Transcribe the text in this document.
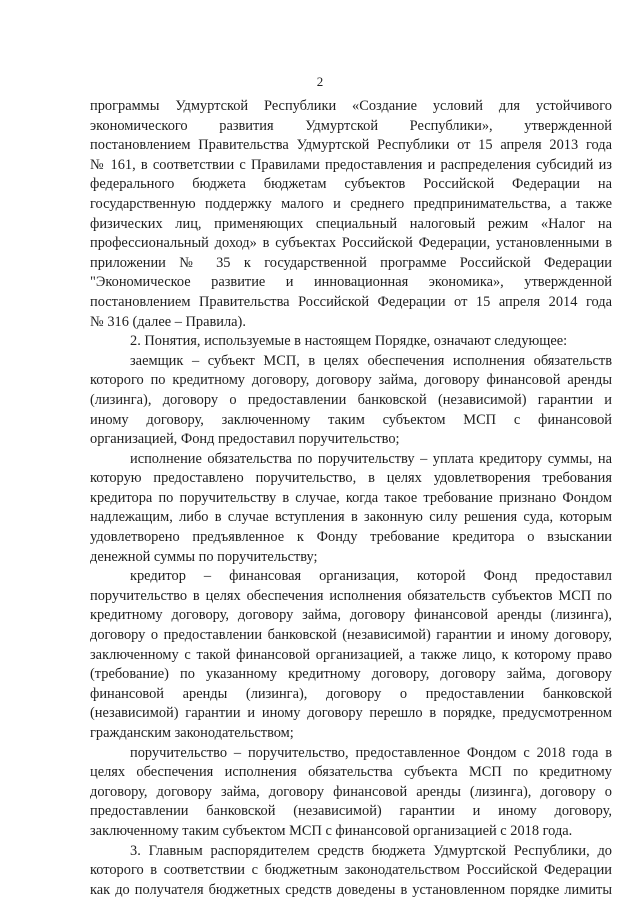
2
программы Удмуртской Республики «Создание условий для устойчивого
экономического развития Удмуртской Республики», утвержденной
постановлением Правительства Удмуртской Республики от 15 апреля 2013 года
№ 161, в соответствии с Правилами предоставления и распределения субсидий из
федерального бюджета бюджетам субъектов Российской Федерации на
государственную поддержку малого и среднего предпринимательства, а также
физических лиц, применяющих специальный налоговый режим «Налог на
профессиональный доход» в субъектах Российской Федерации, установленными в
приложении № 35 к государственной программе Российской Федерации
"Экономическое развитие и инновационная экономика», утвержденной
постановлением Правительства Российской Федерации от 15 апреля 2014 года
№ 316 (далее – Правила).
2. Понятия, используемые в настоящем Порядке, означают следующее:
заемщик – субъект МСП, в целях обеспечения исполнения обязательств
которого по кредитному договору, договору займа, договору финансовой аренды
(лизинга), договору о предоставлении банковской (независимой) гарантии и
иному договору, заключенному таким субъектом МСП с финансовой
организацией, Фонд предоставил поручительство;
исполнение обязательства по поручительству – уплата кредитору суммы, на
которую предоставлено поручительство, в целях удовлетворения требования
кредитора по поручительству в случае, когда такое требование признано Фондом
надлежащим, либо в случае вступления в законную силу решения суда, которым
удовлетворено предъявленное к Фонду требование кредитора о взыскании
денежной суммы по поручительству;
кредитор – финансовая организация, которой Фонд предоставил
поручительство в целях обеспечения исполнения обязательств субъектов МСП по
кредитному договору, договору займа, договору финансовой аренды (лизинга),
договору о предоставлении банковской (независимой) гарантии и иному договору,
заключенному с такой финансовой организацией, а также лицо, к которому право
(требование) по указанному кредитному договору, договору займа, договору
финансовой аренды (лизинга), договору о предоставлении банковской
(независимой) гарантии и иному договору перешло в порядке, предусмотренном
гражданским законодательством;
поручительство – поручительство, предоставленное Фондом с 2018 года в
целях обеспечения исполнения обязательства субъекта МСП по кредитному
договору, договору займа, договору финансовой аренды (лизинга), договору о
предоставлении банковской (независимой) гарантии и иному договору,
заключенному таким субъектом МСП с финансовой организацией с 2018 года.
3. Главным распорядителем средств бюджета Удмуртской Республики, до
которого в соответствии с бюджетным законодательством Российской Федерации
как до получателя бюджетных средств доведены в установленном порядке лимиты
